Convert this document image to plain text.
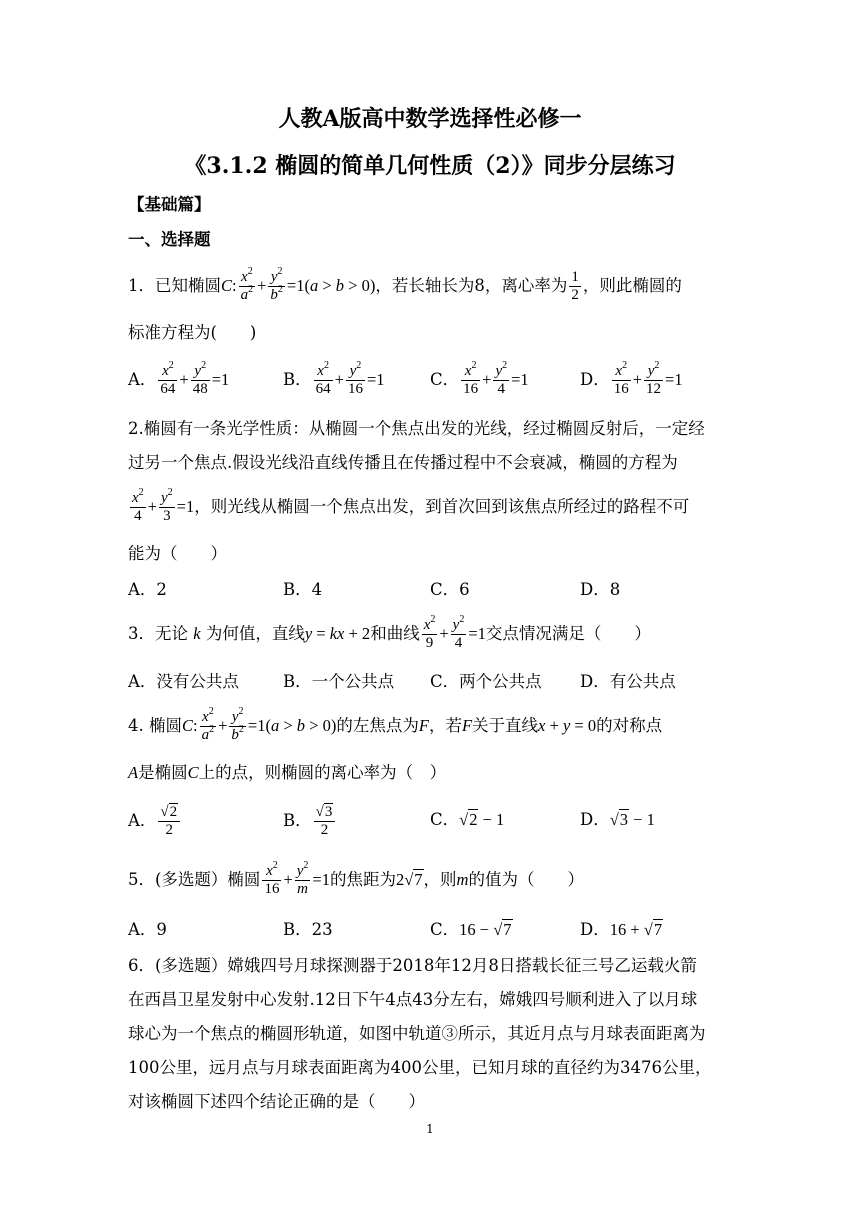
人教A版高中数学选择性必修一
《3.1.2 椭圆的简单几何性质（2）》同步分层练习
【基础篇】
一、选择题
1．已知椭圆C: $\frac{x^2}{a^2} + \frac{y^2}{b^2} =1(a > b > 0)$，若长轴长为8，离心率为 $\frac{1}{2}$ ，则此椭圆的
标准方程为(　　)
A． $\frac{x^2}{64} + \frac{y^2}{48} =1$	B． $\frac{x^2}{64} + \frac{y^2}{16} =1$	C． $\frac{x^2}{16} + \frac{y^2}{4} =1$	D． $\frac{x^2}{16} + \frac{y^2}{12} =1$
2.椭圆有一条光学性质：从椭圆一个焦点出发的光线，经过椭圆反射后，一定经
过另一个焦点.假设光线沿直线传播且在传播过程中不会衰减，椭圆的方程为
$\frac{x^2}{4} + \frac{y^2}{3} =1$，则光线从椭圆一个焦点出发，到首次回到该焦点所经过的路程不可
能为（　　）
A．2	B．4	C．6	D．8
3．无论 k 为何值，直线y = kx + 2和曲线 $\frac{x^2}{9} + \frac{y^2}{4} =1$交点情况满足（　　）
A．没有公共点	B．一个公共点 C．两个公共点 D．有公共点
4. 椭圆C: $\frac{x^2}{a^2} + \frac{y^2}{b^2} =1(a > b > 0)$的左焦点为F，若F关于直线x + y = 0的对称点
A是椭圆C上的点，则椭圆的离心率为（　）
A． $\frac{√2}{2}$	B． $\frac{√3}{2}$	C．√2 − 1	D．√3 − 1
5．(多选题）椭圆 $\frac{x^2}{16} + \frac{y^2}{m} =1$的焦距为2√7，则m的值为（　　）
A．9	B．23	C．16 − √7	D．16 + √7
6．(多选题）嫦娥四号月球探测器于2018年12月8日搭载长征三号乙运载火箭
在西昌卫星发射中心发射.12日下午4点43分左右，嫦娥四号顺利进入了以月球
球心为一个焦点的椭圆形轨道，如图中轨道③所示，其近月点与月球表面距离为
100公里，远月点与月球表面距离为400公里，已知月球的直径约为3476公里，
对该椭圆下述四个结论正确的是（　　）
1
